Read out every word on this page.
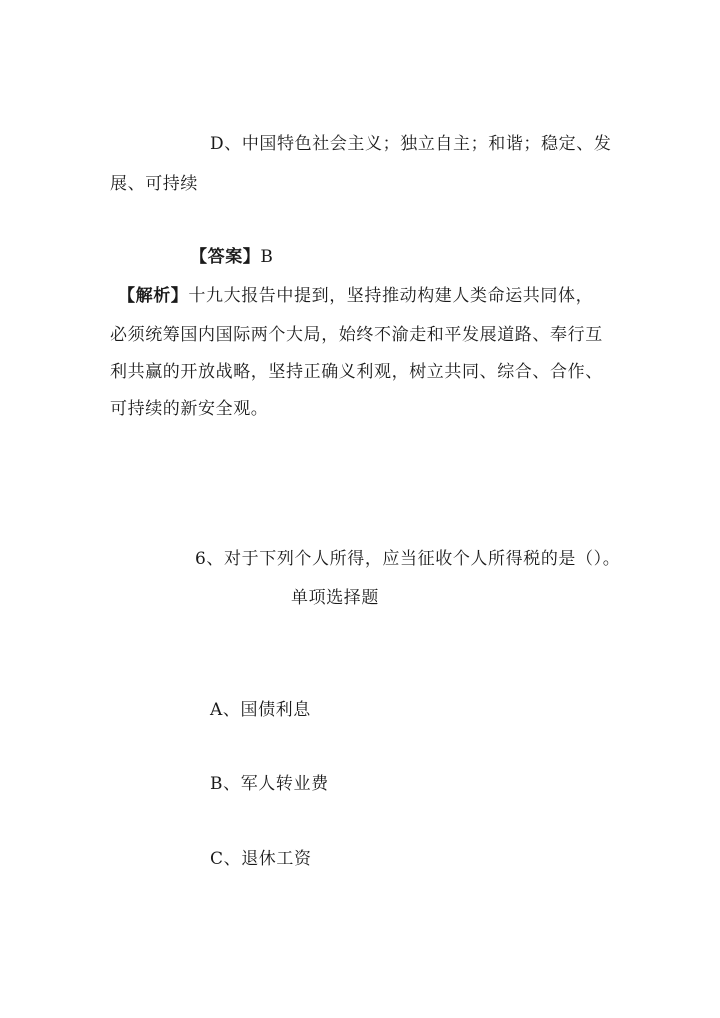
D、中国特色社会主义；独立自主；和谐；稳定、发
展、可持续
【答案】B
【解析】十九大报告中提到，坚持推动构建人类命运共同体，
必须统筹国内国际两个大局，始终不渝走和平发展道路、奉行互
利共赢的开放战略，坚持正确义利观，树立共同、综合、合作、
可持续的新安全观。
6、对于下列个人所得，应当征收个人所得税的是（）。
单项选择题
A、国债利息
B、军人转业费
C、退休工资
